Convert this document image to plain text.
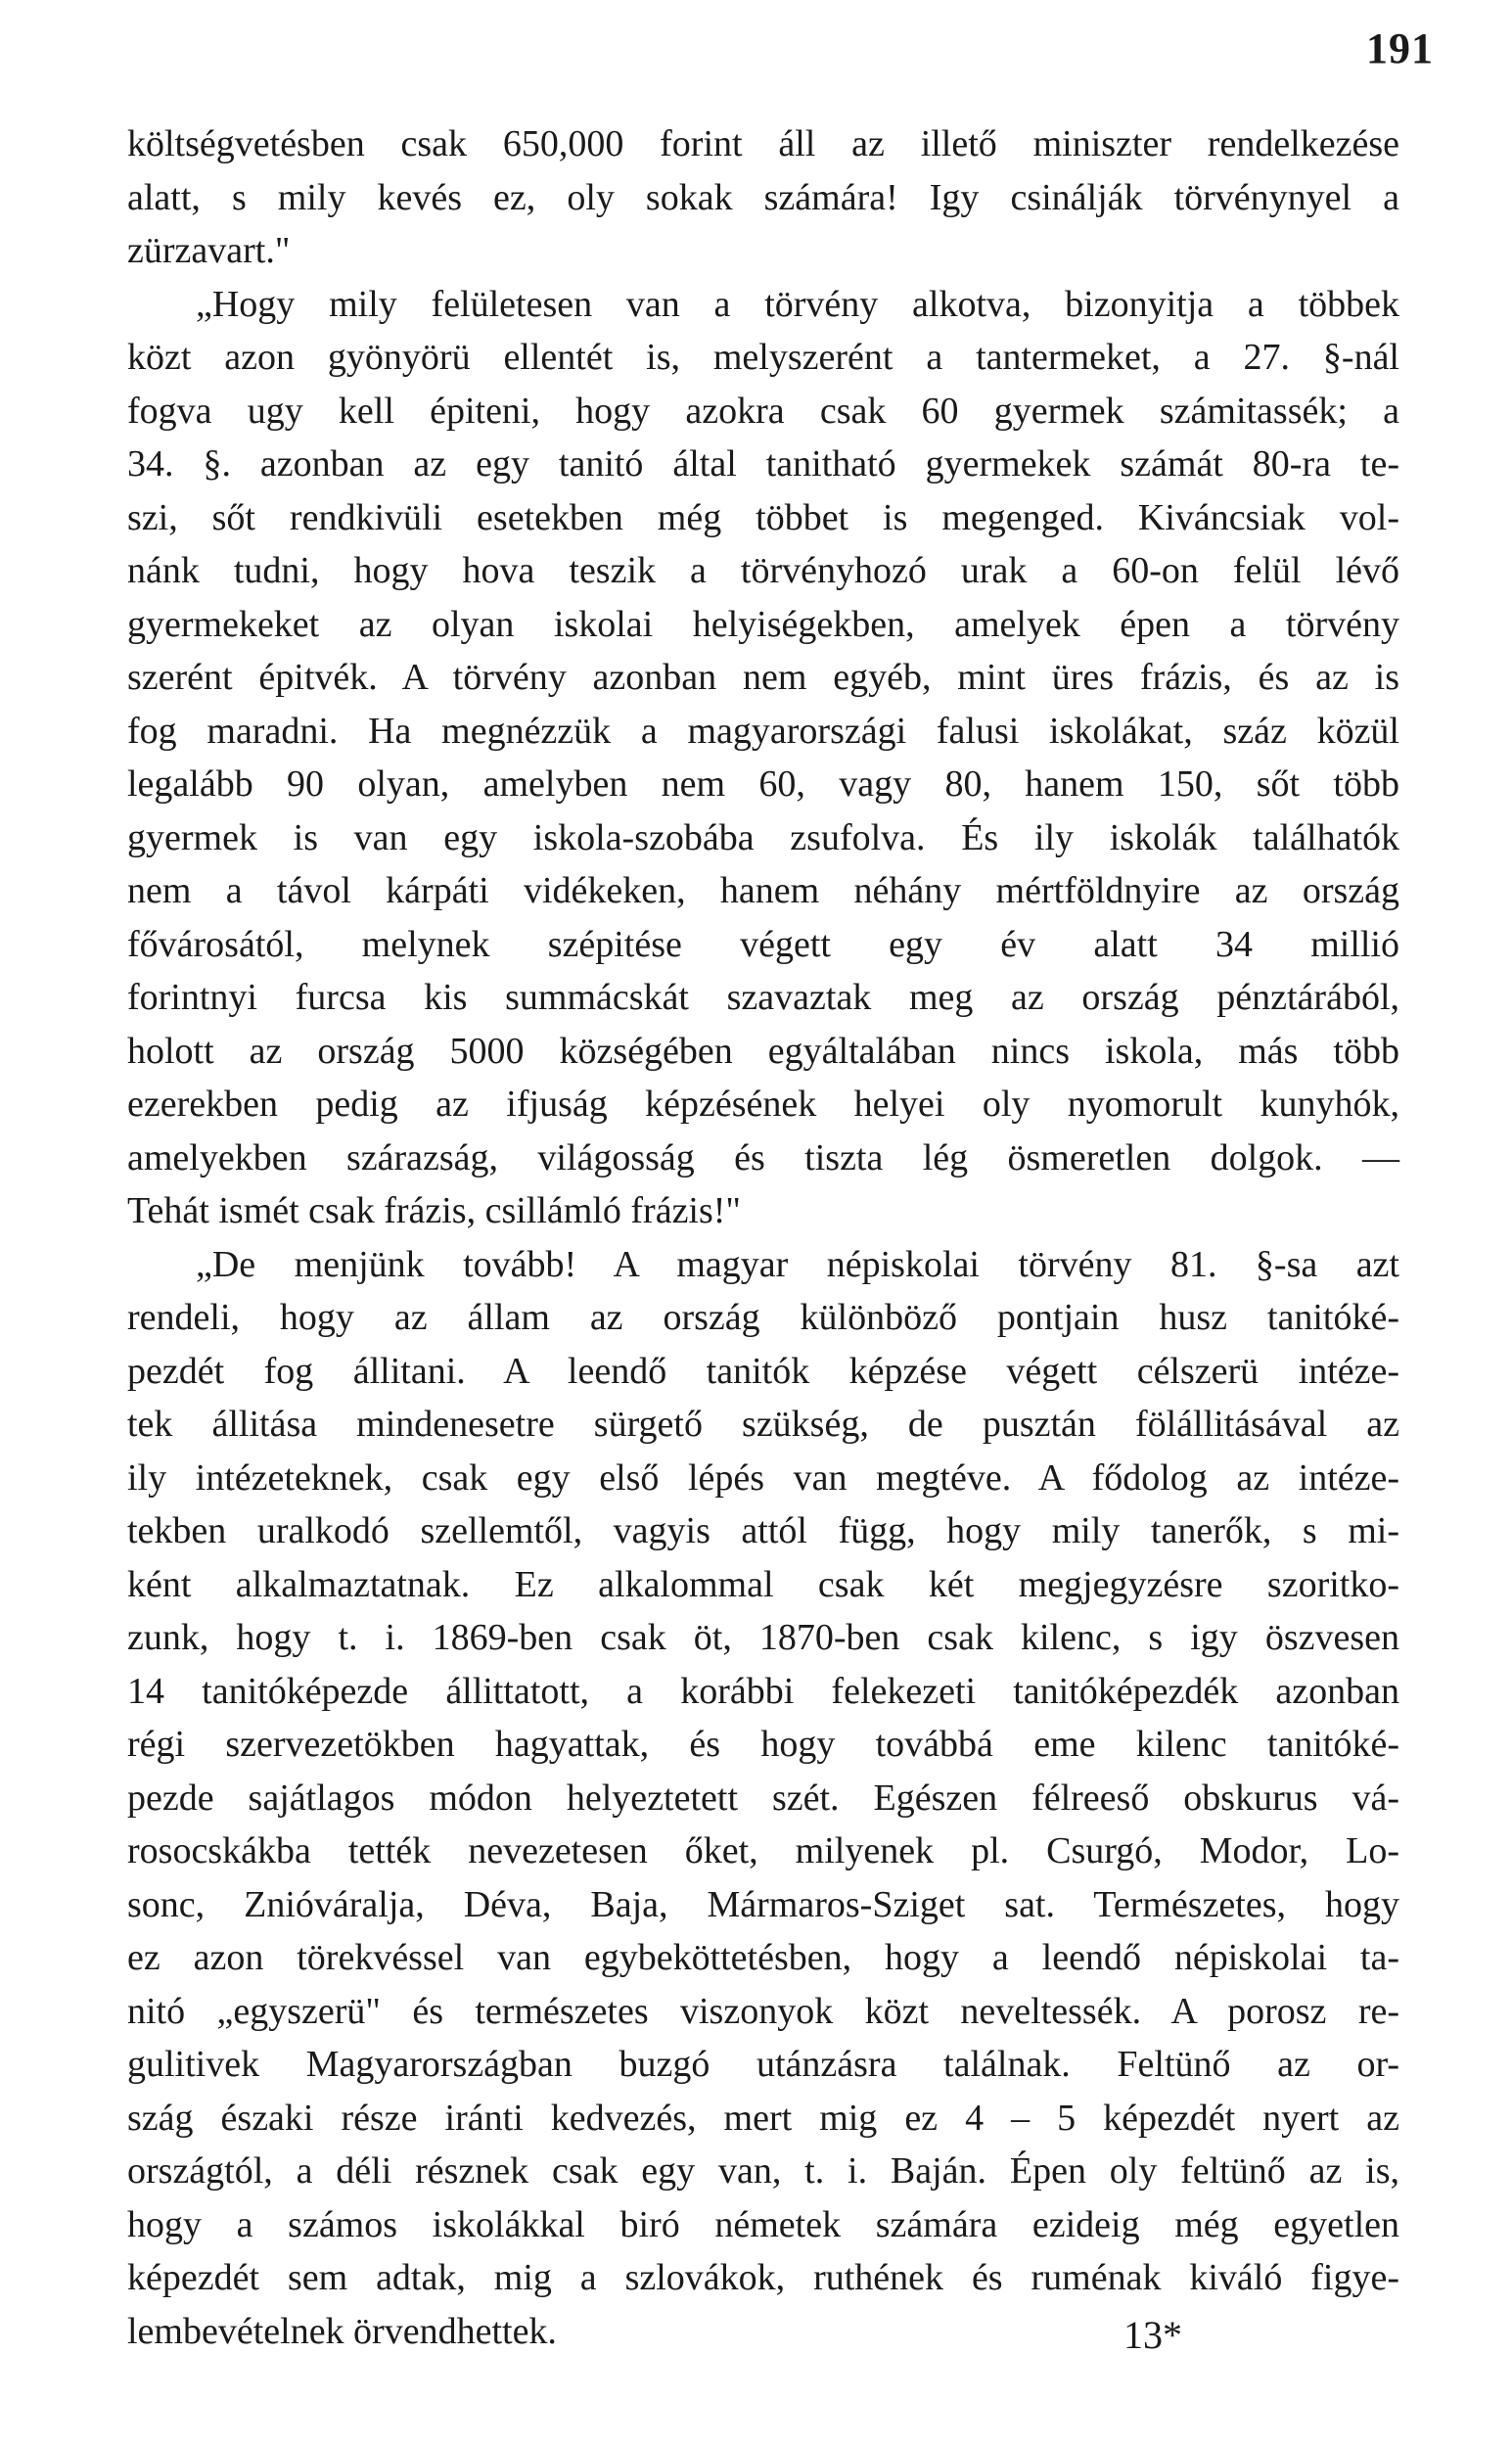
191
költségvetésben csak 650,000 forint áll az illető miniszter rendelkezése
alatt, s mily kevés ez, oly sokak számára! Igy csinálják törvénynyel a
zürzavart."
„Hogy mily felületesen van a törvény alkotva, bizonyitja a többek
közt azon gyönyörü ellentét is, melyszerént a tantermeket, a 27. §-nál
fogva ugy kell épiteni, hogy azokra csak 60 gyermek számitassék; a
34. §. azonban az egy tanitó által tanitható gyermekek számát 80-ra te-
szi, sőt rendkivüli esetekben még többet is megenged. Kiváncsiak vol-
nánk tudni, hogy hova teszik a törvényhozó urak a 60-on felül lévő
gyermekeket az olyan iskolai helyiségekben, amelyek épen a törvény
szerént épitvék. A törvény azonban nem egyéb, mint üres frázis, és az is
fog maradni. Ha megnézzük a magyarországi falusi iskolákat, száz közül
legalább 90 olyan, amelyben nem 60, vagy 80, hanem 150, sőt több
gyermek is van egy iskola-szobába zsufolva. És ily iskolák találhatók
nem a távol kárpáti vidékeken, hanem néhány mértföldnyire az ország
fővárosától, melynek szépitése végett egy év alatt 34 millió
forintnyi furcsa kis summácskát szavaztak meg az ország pénztárából,
holott az ország 5000 községében egyáltalában nincs iskola, más több
ezerekben pedig az ifjuság képzésének helyei oly nyomorult kunyhók,
amelyekben szárazság, világosság és tiszta lég ösmeretlen dolgok. —
Tehát ismét csak frázis, csillámló frázis!"
„De menjünk tovább! A magyar népiskolai törvény 81. §-sa azt
rendeli, hogy az állam az ország különböző pontjain husz tanitóké-
pezdét fog állitani. A leendő tanitók képzése végett célszerü intéze-
tek állitása mindenesetre sürgető szükség, de pusztán fölállitásával az
ily intézeteknek, csak egy első lépés van megtéve. A fődolog az intéze-
tekben uralkodó szellemtől, vagyis attól függ, hogy mily tanerők, s mi-
ként alkalmaztatnak. Ez alkalommal csak két megjegyzésre szoritko-
zunk, hogy t. i. 1869-ben csak öt, 1870-ben csak kilenc, s igy öszvesen
14 tanitóképezde állittatott, a korábbi felekezeti tanitóképezdék azonban
régi szervezetökben hagyattak, és hogy továbbá eme kilenc tanitóké-
pezde sajátlagos módon helyeztetett szét. Egészen félreeső obskurus vá-
rosocskákba tették nevezetesen őket, milyenek pl. Csurgó, Modor, Lo-
sonc, Znióváralja, Déva, Baja, Mármaros-Sziget sat. Természetes, hogy
ez azon törekvéssel van egybeköttetésben, hogy a leendő népiskolai ta-
nitó „egyszerü" és természetes viszonyok közt neveltessék. A porosz re-
gulitivek Magyarországban buzgó utánzásra találnak. Feltünő az or-
szág északi része iránti kedvezés, mert mig ez 4 – 5 képezdét nyert az
országtól, a déli résznek csak egy van, t. i. Baján. Épen oly feltünő az is,
hogy a számos iskolákkal biró németek számára ezideig még egyetlen
képezdét sem adtak, mig a szlovákok, ruthének és ruménak kiváló figye-
lembevételnek örvendhettek.	13*
